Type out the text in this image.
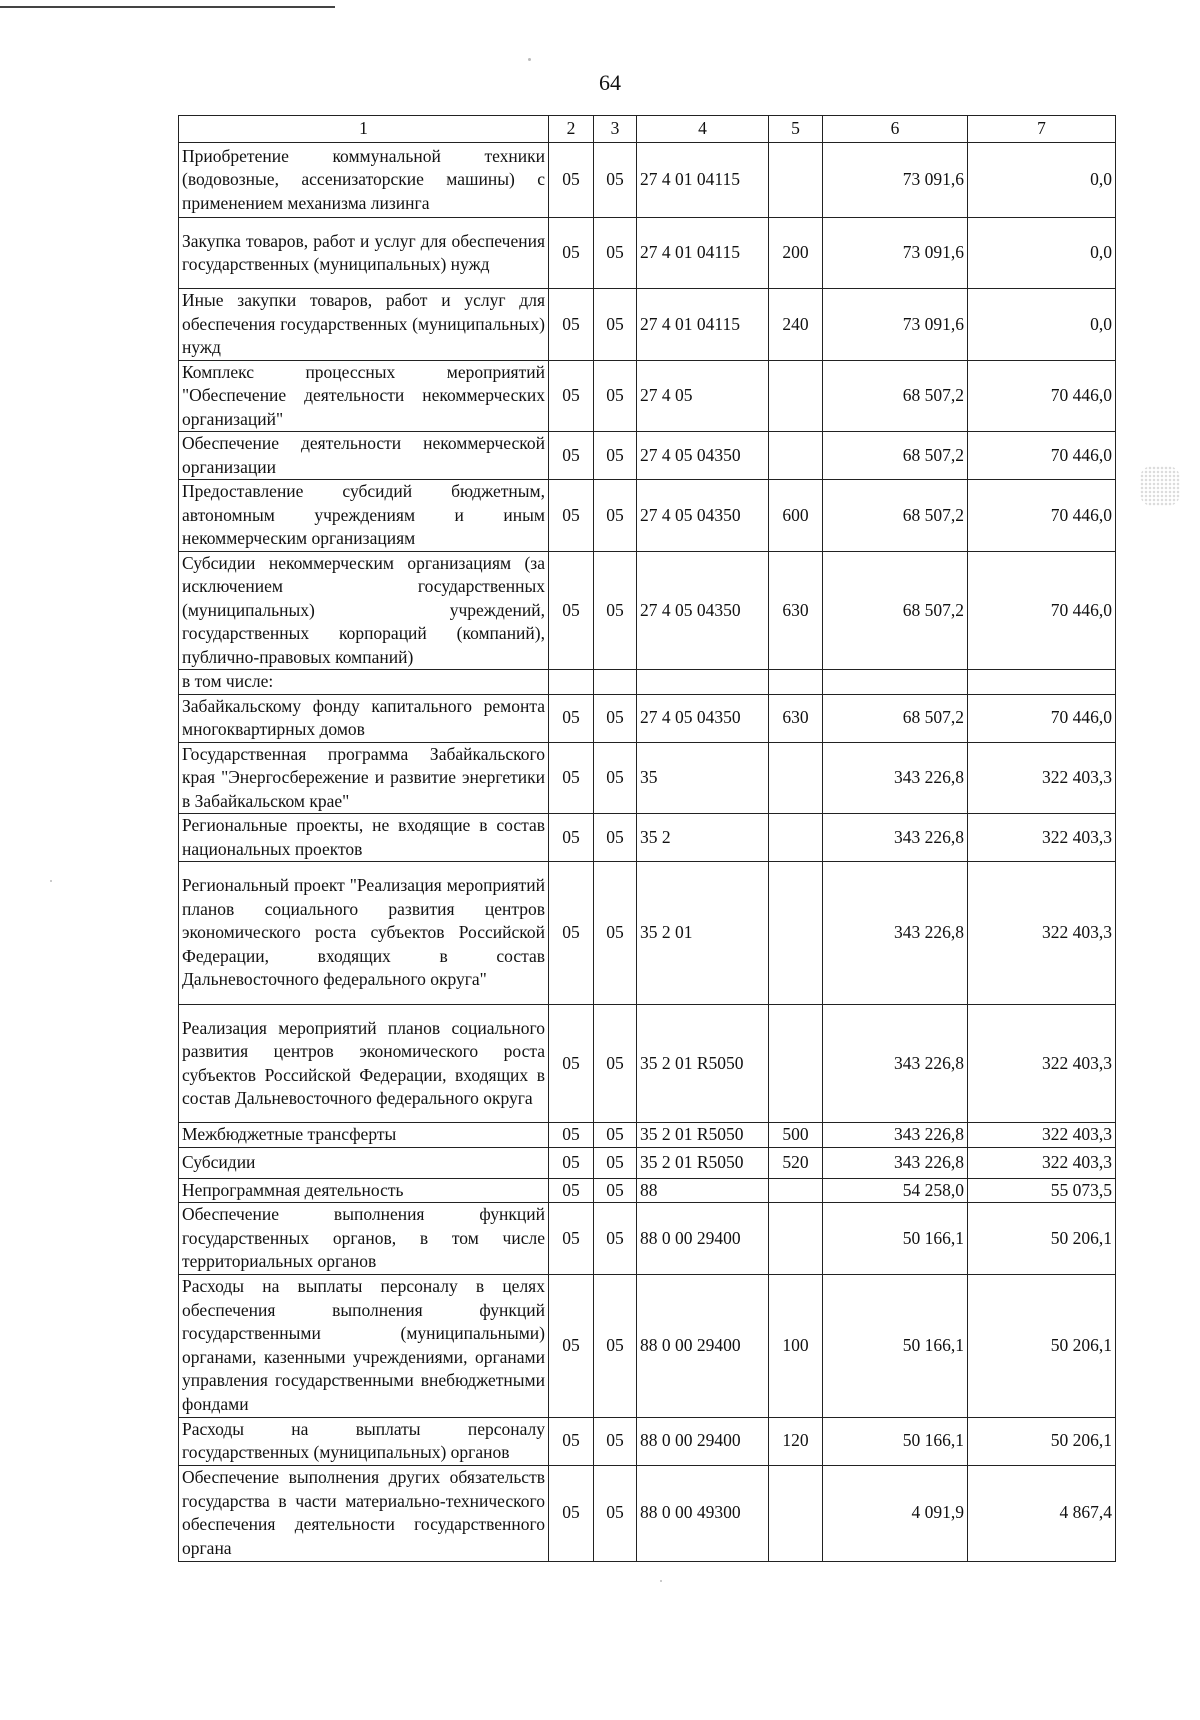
64
1	2	3	4	5	6	7
Приобретение коммунальной техники (водовозные, ассенизаторские машины) с применением механизма лизинга	05	05	27 4 01 04115		73 091,6	0,0
Закупка товаров, работ и услуг для обеспечения государственных (муниципальных) нужд	05	05	27 4 01 04115	200	73 091,6	0,0
Иные закупки товаров, работ и услуг для обеспечения государственных (муниципальных) нужд	05	05	27 4 01 04115	240	73 091,6	0,0
Комплекс процессных мероприятий "Обеспечение деятельности некоммерческих организаций"	05	05	27 4 05		68 507,2	70 446,0
Обеспечение деятельности некоммерческой организации	05	05	27 4 05 04350		68 507,2	70 446,0
Предоставление субсидий бюджетным, автономным учреждениям и иным некоммерческим организациям	05	05	27 4 05 04350	600	68 507,2	70 446,0
Субсидии некоммерческим организациям (за исключением государственных (муниципальных) учреждений, государственных корпораций (компаний), публично-правовых компаний)	05	05	27 4 05 04350	630	68 507,2	70 446,0
в том числе:						
Забайкальскому фонду капитального ремонта многоквартирных домов	05	05	27 4 05 04350	630	68 507,2	70 446,0
Государственная программа Забайкальского края "Энергосбережение и развитие энергетики в Забайкальском крае"	05	05	35		343 226,8	322 403,3
Региональные проекты, не входящие в состав национальных проектов	05	05	35 2		343 226,8	322 403,3
Региональный проект "Реализация мероприятий планов социального развития центров экономического роста субъектов Российской Федерации, входящих в состав Дальневосточного федерального округа"	05	05	35 2 01		343 226,8	322 403,3
Реализация мероприятий планов социального развития центров экономического роста субъектов Российской Федерации, входящих в состав Дальневосточного федерального округа	05	05	35 2 01 R5050		343 226,8	322 403,3
Межбюджетные трансферты	05	05	35 2 01 R5050	500	343 226,8	322 403,3
Субсидии	05	05	35 2 01 R5050	520	343 226,8	322 403,3
Непрограммная деятельность	05	05	88		54 258,0	55 073,5
Обеспечение выполнения функций государственных органов, в том числе территориальных органов	05	05	88 0 00 29400		50 166,1	50 206,1
Расходы на выплаты персоналу в целях обеспечения выполнения функций государственными (муниципальными) органами, казенными учреждениями, органами управления государственными внебюджетными фондами	05	05	88 0 00 29400	100	50 166,1	50 206,1
Расходы на выплаты персоналу государственных (муниципальных) органов	05	05	88 0 00 29400	120	50 166,1	50 206,1
Обеспечение выполнения других обязательств государства в части материально-технического обеспечения деятельности государственного органа	05	05	88 0 00 49300		4 091,9	4 867,4
